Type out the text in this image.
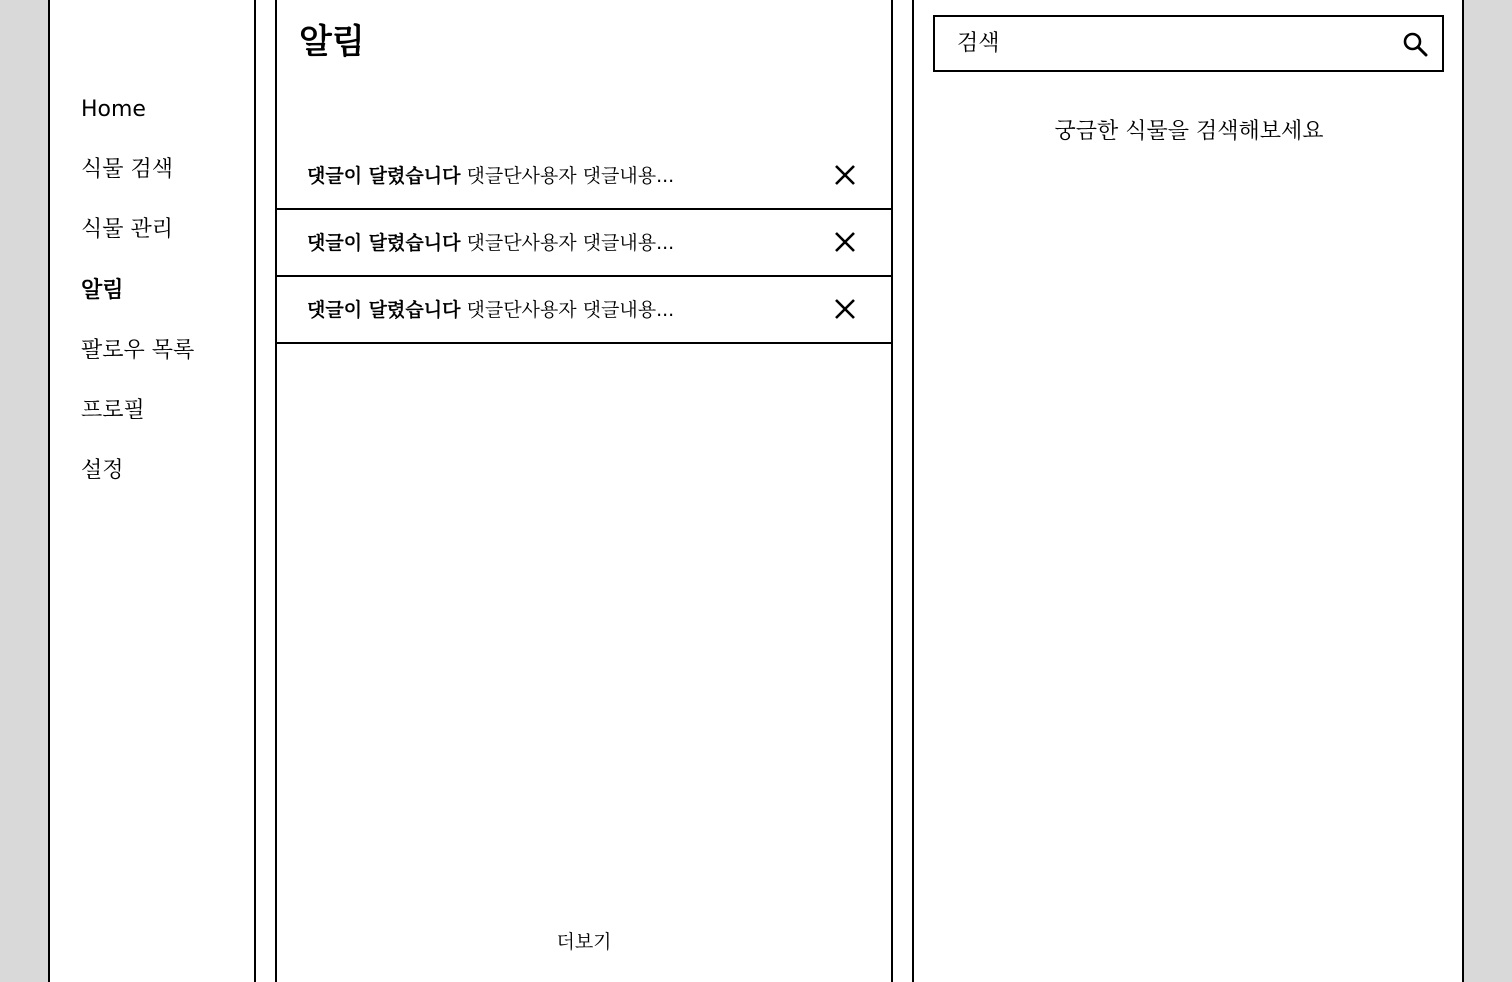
Home
식물 검색
식물 관리
알림
팔로우 목록
프로필
설정
알림
댓글이 달렸습니다 댓글단사용자 댓글내용...
댓글이 달렸습니다 댓글단사용자 댓글내용...
댓글이 달렸습니다 댓글단사용자 댓글내용...
더보기
검색
궁금한 식물을 검색해보세요
